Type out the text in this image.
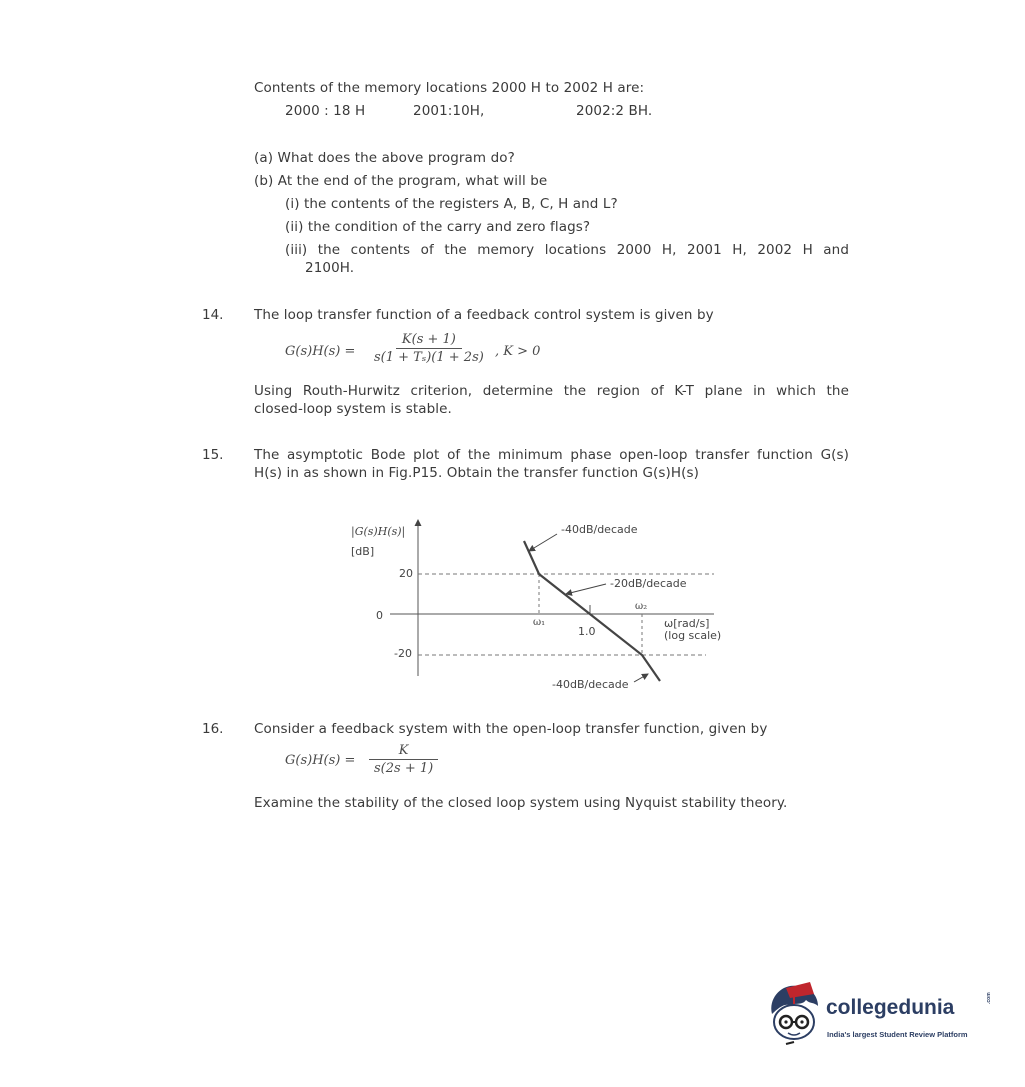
Contents of the memory locations 2000 H to 2002 H are:
2000 : 18 H	2001:10H,	2002:2 BH.
(a) What does the above program do?
(b) At the end of the program, what will be
(i) the contents of the registers A, B, C, H and L?
(ii) the condition of the carry and zero flags?
(iii) the contents of the memory locations 2000 H, 2001 H, 2002 H and
2100H.
14. The loop transfer function of a feedback control system is given by
$G(s)H(s) = \frac{K(s + 1)}{\text{s(1 + Tₛ)(1 + 2s)}}$ , K > 0
Using Routh-Hurwitz criterion, determine the region of K-T plane in which the
closed-loop system is stable.
15. The asymptotic Bode plot of the minimum phase open-loop transfer function G(s)
H(s) in as shown in Fig.P15. Obtain the transfer function G(s)H(s)
|G(s)H(s)|
[dB]
20
0
-20
ω₁
ω₂
1.0
ω[rad/s]
(log scale)
-40dB/decade
-20dB/decade
-40dB/decade
16. Consider a feedback system with the open-loop transfer function, given by
$G(s)H(s) = \frac{K}{s(2s + 1)}$
Examine the stability of the closed loop system using Nyquist stability theory.
collegedunia	.com
India's largest Student Review Platform
